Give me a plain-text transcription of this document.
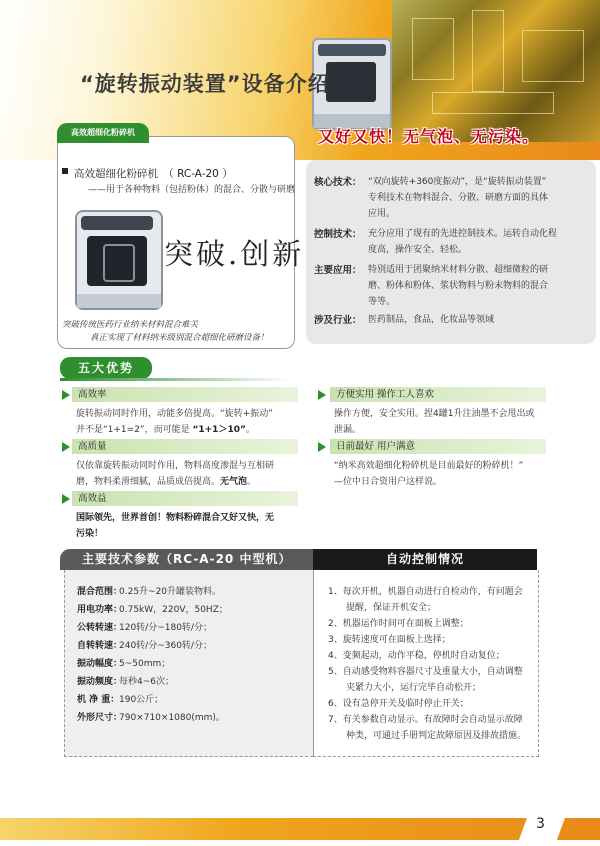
“旋转振动装置”设备介绍
又好又快！无气泡、无污染。
高效超细化粉碎机
高效超细化粉碎机　（ RC-A-20 ）
——用于各种物料（包括粉体）的混合、分散与研磨
突破.创新
突破传统医药行业纳米材料混合难关
真正实现了材料纳米级别混合超细化研磨设备！
核心技术： “双向旋转+360度振动”，是“旋转振动装置”
专利技术在物料混合、分散、研磨方面的具体
应用。
控制技术： 充分应用了现有的先进控制技术。运转自动化程
度高，操作安全、轻松。
主要应用： 特别适用于团聚纳米材料分散、超细微粒的研
磨、粉体和粉体、浆状物料与粉末物料的混合
等等。
涉及行业： 医药制品，食品，化妆品等领域
五大优势
高效率
旋转振动同时作用，动能多倍提高。“旋转+振动”
并不是“1+1=2”，而可能是 “1+1＞10”。
高质量
仅依靠旋转振动同时作用，物料高度渗混与互相研
磨，物料柔滑细腻，品质成倍提高。无气泡。
高效益
国际领先，世界首创！物料粉碎混合又好又快，无
污染！
方便实用 操作工人喜欢
操作方便，安全实用。捏4罐1升注油墨不会甩出或
泄漏。
日前最好 用户满意
“纳米高效超细化粉碎机是目前最好的粉碎机！”
—位中日合资用户这样说。
主要技术参数（RC-A-20 中型机）	自动控制情况
混合范围：0.25升~20升罐装物料。
用电功率：0.75kW，220V，50HZ；
公转转速：120转/分~180转/分；
自转转速：240转/分~360转/分；
振动幅度：5~50mm；
振动频度：每秒4~6次；
机 净 重：190公斤；
外形尺寸：790×710×1080(mm)。
1、每次开机，机器自动进行自检动作，有问题会
　　提醒，保证开机安全；
2、机器运作时间可在面板上调整；
3、旋转速度可在面板上选择；
4、变频起动，动作平稳，停机时自动复位；
5、自动感受物料容器尺寸及重量大小，自动调整
　　夹紧力大小，运行完毕自动松开；
6、设有急停开关及临时停止开关；
7、有关参数自动显示。有故障时会自动显示故障
　　种类，可通过手册判定故障原因及排故措施。
3
